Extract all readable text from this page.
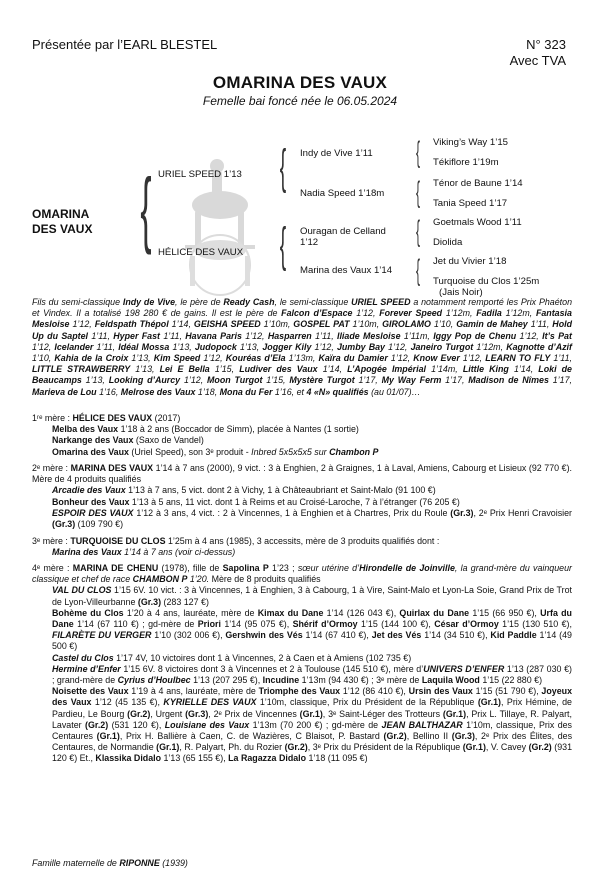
Présentée par l’EARL BLESTEL	N° 323
Avec TVA
OMARINA DES VAUX
Femelle bai foncé née le 06.05.2024
OMARINA
DES VAUX { URIEL SPEED 1’13
HÉLICE DES VAUX
{
{
Indy de Vive 1’11
Nadia Speed 1’18m
Ouragan de Celland
1’12
Marina des Vaux 1’14
{
{
{
{
Viking’s Way 1’15
Tékiflore 1’19m
Ténor de Baune 1’14
Tania Speed 1’17
Goetmals Wood 1’11
Diolida
Jet du Vivier 1’18
Turquoise du Clos 1’25m
(Jais Noir)
Fils du semi-classique Indy de Vive, le père de Ready Cash, le semi-classique URIEL SPEED a notamment remporté les Prix Phaéton et Vindex. Il a totalisé 198 280 € de gains. Il est le père de Falcon d’Espace 1’12, Forever Speed 1’12m, Fadila 1’12m, Fantasia Mesloise 1’12, Feldspath Thépol 1’14, GEISHA SPEED 1’10m, GOSPEL PAT 1’10m, GIROLAMO 1’10, Gamin de Mahey 1’11, Hold Up du Saptel 1’11, Hyper Fast 1’11, Havana Paris 1’12, Hasparren 1’11, Iliade Mesloise 1’11m, Iggy Pop de Chenu 1’12, It’s Pat 1’12, Icelander 1’11, Idéal Mossa 1’13, Judopock 1’13, Jogger Kily 1’12, Jumby Bay 1’12, Janeiro Turgot 1’12m, Kagnotte d’Azif 1’10, Kahia de la Croix 1’13, Kim Speed 1’12, Kouréas d’Ela 1’13m, Kaïra du Damier 1’12, Know Ever 1’12, LEARN TO FLY 1’11, LITTLE STRAWBERRY 1’13, Lei E Bella 1’15, Ludiver des Vaux 1’14, L’Apogée Impérial 1’14m, Little King 1’14, Loki de Beaucamps 1’13, Looking d’Aurcy 1’12, Moon Turgot 1’15, Mystère Turgot 1’17, My Way Ferm 1’17, Madison de Nîmes 1’17, Marieva de Lou 1’16, Melrose des Vaux 1’18, Mona du Fer 1’16, et 4 «N» qualifiés (au 01/07)…
1ʳᵉ mère : HÉLICE DES VAUX (2017)
Melba des Vaux 1’18 à 2 ans (Boccador de Simm), placée à Nantes (1 sortie)
Narkange des Vaux (Saxo de Vandel)
Omarina des Vaux (Uriel Speed), son 3ᵉ produit - Inbred 5x5x5x5 sur Chambon P
2ᵉ mère : MARINA DES VAUX 1’14 à 7 ans (2000), 9 vict. : 3 à Enghien, 2 à Graignes, 1 à Laval, Amiens, Cabourg et Lisieux (92 770 €). Mère de 4 produits qualifiés
Arcadie des Vaux 1’13 à 7 ans, 5 vict. dont 2 à Vichy, 1 à Châteaubriant et Saint-Malo (91 100 €)
Bonheur des Vaux 1’13 à 5 ans, 11 vict. dont 1 à Reims et au Croisé-Laroche, 7 à l’étranger (76 205 €)
ESPOIR DES VAUX 1’12 à 3 ans, 4 vict. : 2 à Vincennes, 1 à Enghien et à Chartres, Prix du Roule (Gr.3), 2ᵉ Prix Henri Cravoisier (Gr.3) (109 790 €)
3ᵉ mère : TURQUOISE DU CLOS 1’25m à 4 ans (1985), 3 accessits, mère de 3 produits qualifiés dont :
Marina des Vaux 1’14 à 7 ans (voir ci-dessus)
4ᵉ mère : MARINA DE CHENU (1978), fille de Sapolina P 1’23 ; sœur utérine d’Hirondelle de Joinville, la grand-mère du vainqueur classique et chef de race CHAMBON P 1’20. Mère de 8 produits qualifiés
VAL DU CLOS 1’15 6V. 10 vict. : 3 à Vincennes, 1 à Enghien, 3 à Cabourg, 1 à Vire, Saint-Malo et Lyon-La Soie, Grand Prix de Trot de Lyon-Villeurbanne (Gr.3) (283 127 €)
Bohème du Clos 1’20 à 4 ans, lauréate, mère de Kimax du Dane 1’14 (126 043 €), Quirlax du Dane 1’15 (66 950 €), Urfa du Dane 1’14 (67 110 €) ; gd-mère de Priori 1’14 (95 075 €), Shérif d’Ormoy 1’15 (144 100 €), César d’Ormoy 1’15 (130 510 €), FILARÈTE DU VERGER 1’10 (302 006 €), Gershwin des Vés 1’14 (67 410 €), Jet des Vés 1’14 (34 510 €), Kid Paddle 1’14 (49 500 €)
Castel du Clos 1’17 4V, 10 victoires dont 1 à Vincennes, 2 à Caen et à Amiens (102 735 €)
Hermine d’Enfer 1’15 6V. 8 victoires dont 3 à Vincennes et 2 à Toulouse (145 510 €), mère d’UNIVERS D’ENFER 1’13 (287 030 €) ; grand-mère de Cyrius d’Houlbec 1’13 (207 295 €), Incudine 1’13m (94 430 €) ; 3ᵉ mère de Laquila Wood 1’15 (22 880 €)
Noisette des Vaux 1’19 à 4 ans, lauréate, mère de Triomphe des Vaux 1’12 (86 410 €), Ursin des Vaux 1’15 (51 790 €), Joyeux des Vaux 1’12 (45 135 €), KYRIELLE DES VAUX 1’10m, classique, Prix du Président de la République (Gr.1), Prix Hémine, de Pardieu, Le Bourg (Gr.2), Urgent (Gr.3), 2ᵉ Prix de Vincennes (Gr.1), 3ᵉ Saint-Léger des Trotteurs (Gr.1), Prix L. Tillaye, R. Palyart, Lavater (Gr.2) (531 120 €), Louisiane des Vaux 1’13m (70 200 €) ; gd-mère de JEAN BALTHAZAR 1’10m, classique, Prix des Centaures (Gr.1), Prix H. Ballière à Caen, C. de Wazières, C Blaisot, P. Bastard (Gr.2), Bellino II (Gr.3), 2ᵉ Prix des Élites, des Centaures, de Normandie (Gr.1), R. Palyart, Ph. du Rozier (Gr.2), 3ᵉ Prix du Président de la République (Gr.1), V. Cavey (Gr.2) (931 120 €) Et., Klassika Didalo 1’13 (65 155 €), La Ragazza Didalo 1’18 (11 095 €)
Famille maternelle de RIPONNE (1939)
